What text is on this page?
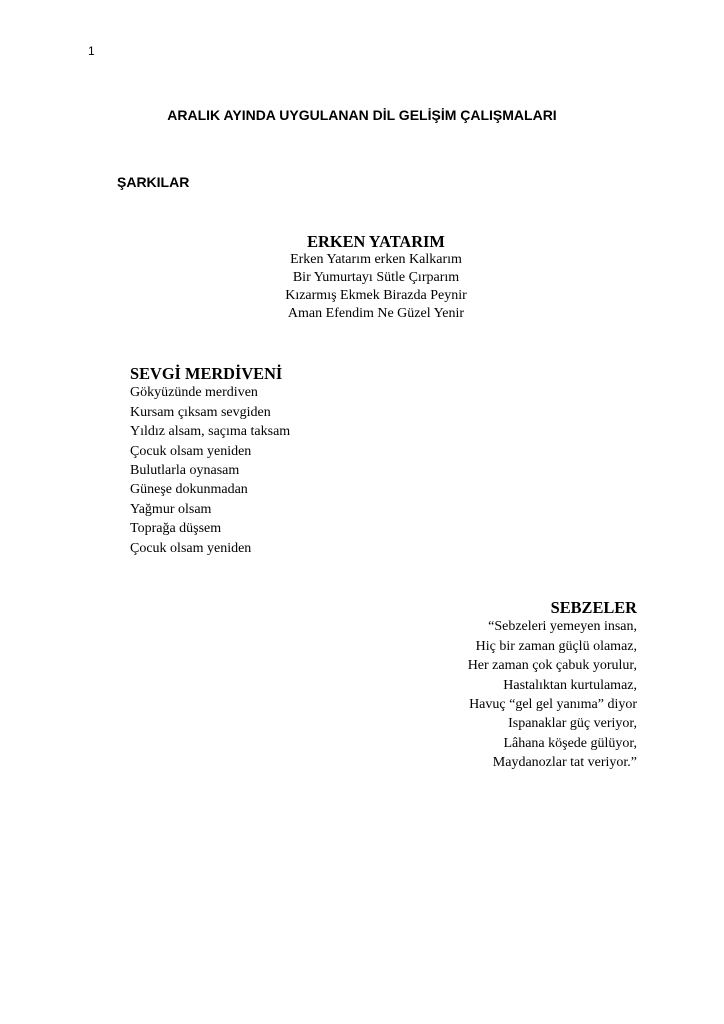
1
ARALIK AYINDA UYGULANAN DİL GELİŞİM ÇALIŞMALARI
ŞARKILAR
ERKEN YATARIM
Erken Yatarım erken Kalkarım
Bir Yumurtayı Sütle Çırparım
Kızarmış Ekmek Birazda Peynir
Aman Efendim Ne Güzel Yenir
SEVGİ MERDİVENİ
Gökyüzünde merdiven
Kursam çıksam sevgiden
Yıldız alsam, saçıma taksam
Çocuk olsam yeniden
Bulutlarla oynasam
Güneşe dokunmadan
Yağmur olsam
Toprağa düşsem
Çocuk olsam yeniden
SEBZELER
“Sebzeleri yemeyen insan,
Hiç bir zaman güçlü olamaz,
Her zaman çok çabuk yorulur,
Hastalıktan kurtulamaz,
Havuç “gel gel yanıma” diyor
Ispanaklar güç veriyor,
Lâhana köşede gülüyor,
Maydanozlar tat veriyor.”
